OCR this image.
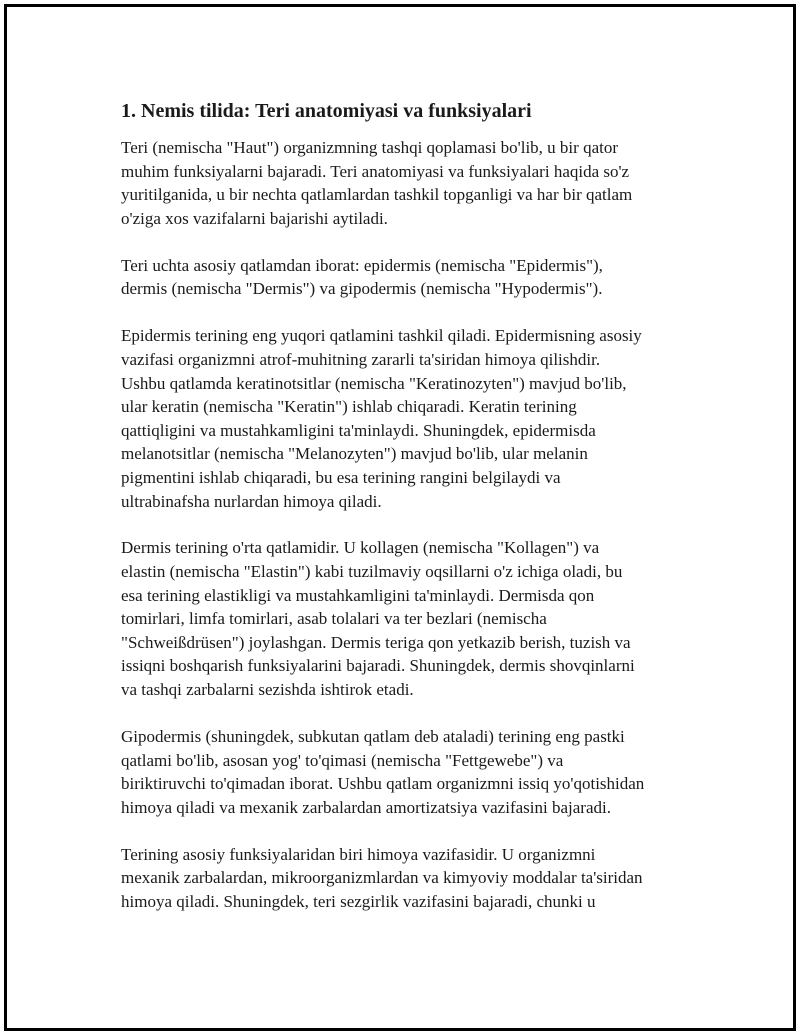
1. Nemis tilida: Teri anatomiyasi va funksiyalari

Teri (nemischa "Haut") organizmning tashqi qoplamasi bo'lib, u bir qator
muhim funksiyalarni bajaradi. Teri anatomiyasi va funksiyalari haqida so'z
yuritilganida, u bir nechta qatlamlardan tashkil topganligi va har bir qatlam
o'ziga xos vazifalarni bajarishi aytiladi.

Teri uchta asosiy qatlamdan iborat: epidermis (nemischa "Epidermis"),
dermis (nemischa "Dermis") va gipodermis (nemischa "Hypodermis").

Epidermis terining eng yuqori qatlamini tashkil qiladi. Epidermisning asosiy
vazifasi organizmni atrof-muhitning zararli ta'siridan himoya qilishdir.
Ushbu qatlamda keratinotsitlar (nemischa "Keratinozyten") mavjud bo'lib,
ular keratin (nemischa "Keratin") ishlab chiqaradi. Keratin terining
qattiqligini va mustahkamligini ta'minlaydi. Shuningdek, epidermisda
melanotsitlar (nemischa "Melanozyten") mavjud bo'lib, ular melanin
pigmentini ishlab chiqaradi, bu esa terining rangini belgilaydi va
ultrabinafsha nurlardan himoya qiladi.

Dermis terining o'rta qatlamidir. U kollagen (nemischa "Kollagen") va
elastin (nemischa "Elastin") kabi tuzilmaviy oqsillarni o'z ichiga oladi, bu
esa terining elastikligi va mustahkamligini ta'minlaydi. Dermisda qon
tomirlari, limfa tomirlari, asab tolalari va ter bezlari (nemischa
"Schweißdrüsen") joylashgan. Dermis teriga qon yetkazib berish, tuzish va
issiqni boshqarish funksiyalarini bajaradi. Shuningdek, dermis shovqinlarni
va tashqi zarbalarni sezishda ishtirok etadi.

Gipodermis (shuningdek, subkutan qatlam deb ataladi) terining eng pastki
qatlami bo'lib, asosan yog' to'qimasi (nemischa "Fettgewebe") va
biriktiruvchi to'qimadan iborat. Ushbu qatlam organizmni issiq yo'qotishidan
himoya qiladi va mexanik zarbalardan amortizatsiya vazifasini bajaradi.

Terining asosiy funksiyalaridan biri himoya vazifasidir. U organizmni
mexanik zarbalardan, mikroorganizmlardan va kimyoviy moddalar ta'siridan
himoya qiladi. Shuningdek, teri sezgirlik vazifasini bajaradi, chunki u
